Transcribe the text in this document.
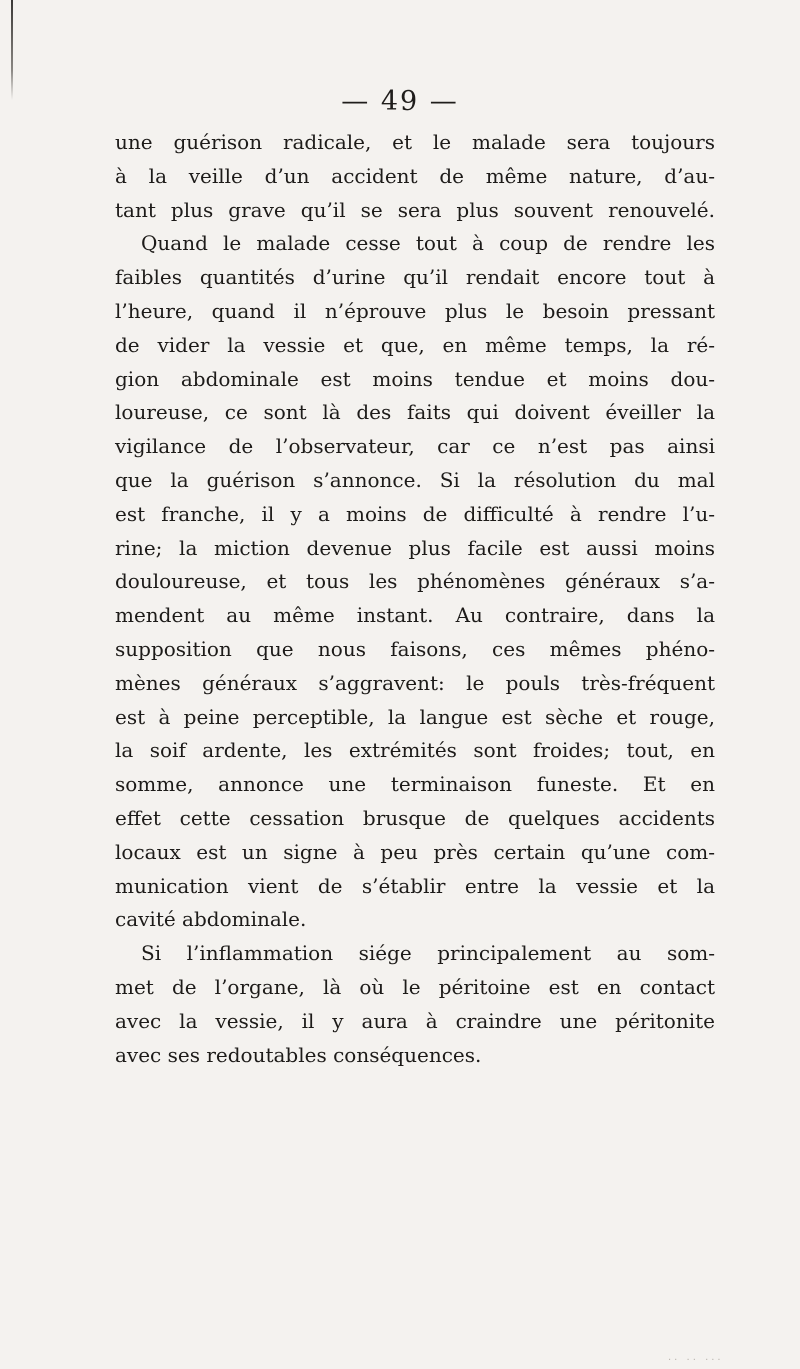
— 49 —
une guérison radicale, et le malade sera toujours
à la veille d’un accident de même nature, d’au-
tant plus grave qu’il se sera plus souvent renouvelé.
Quand le malade cesse tout à coup de rendre les
faibles quantités d’urine qu’il rendait encore tout à
l’heure, quand il n’éprouve plus le besoin pressant
de vider la vessie et que, en même temps, la ré-
gion abdominale est moins tendue et moins dou-
loureuse, ce sont là des faits qui doivent éveiller la
vigilance de l’observateur, car ce n’est pas ainsi
que la guérison s’annonce. Si la résolution du mal
est franche, il y a moins de difficulté à rendre l’u-
rine; la miction devenue plus facile est aussi moins
douloureuse, et tous les phénomènes généraux s’a-
mendent au même instant. Au contraire, dans la
supposition que nous faisons, ces mêmes phéno-
mènes généraux s’aggravent: le pouls très-fréquent
est à peine perceptible, la langue est sèche et rouge,
la soif ardente, les extrémités sont froides; tout, en
somme, annonce une terminaison funeste. Et en
effet cette cessation brusque de quelques accidents
locaux est un signe à peu près certain qu’une com-
munication vient de s’établir entre la vessie et la
cavité abdominale.
Si l’inflammation siége principalement au som-
met de l’organe, là où le péritoine est en contact
avec la vessie, il y aura à craindre une péritonite
avec ses redoutables conséquences.
·· ·· ···
